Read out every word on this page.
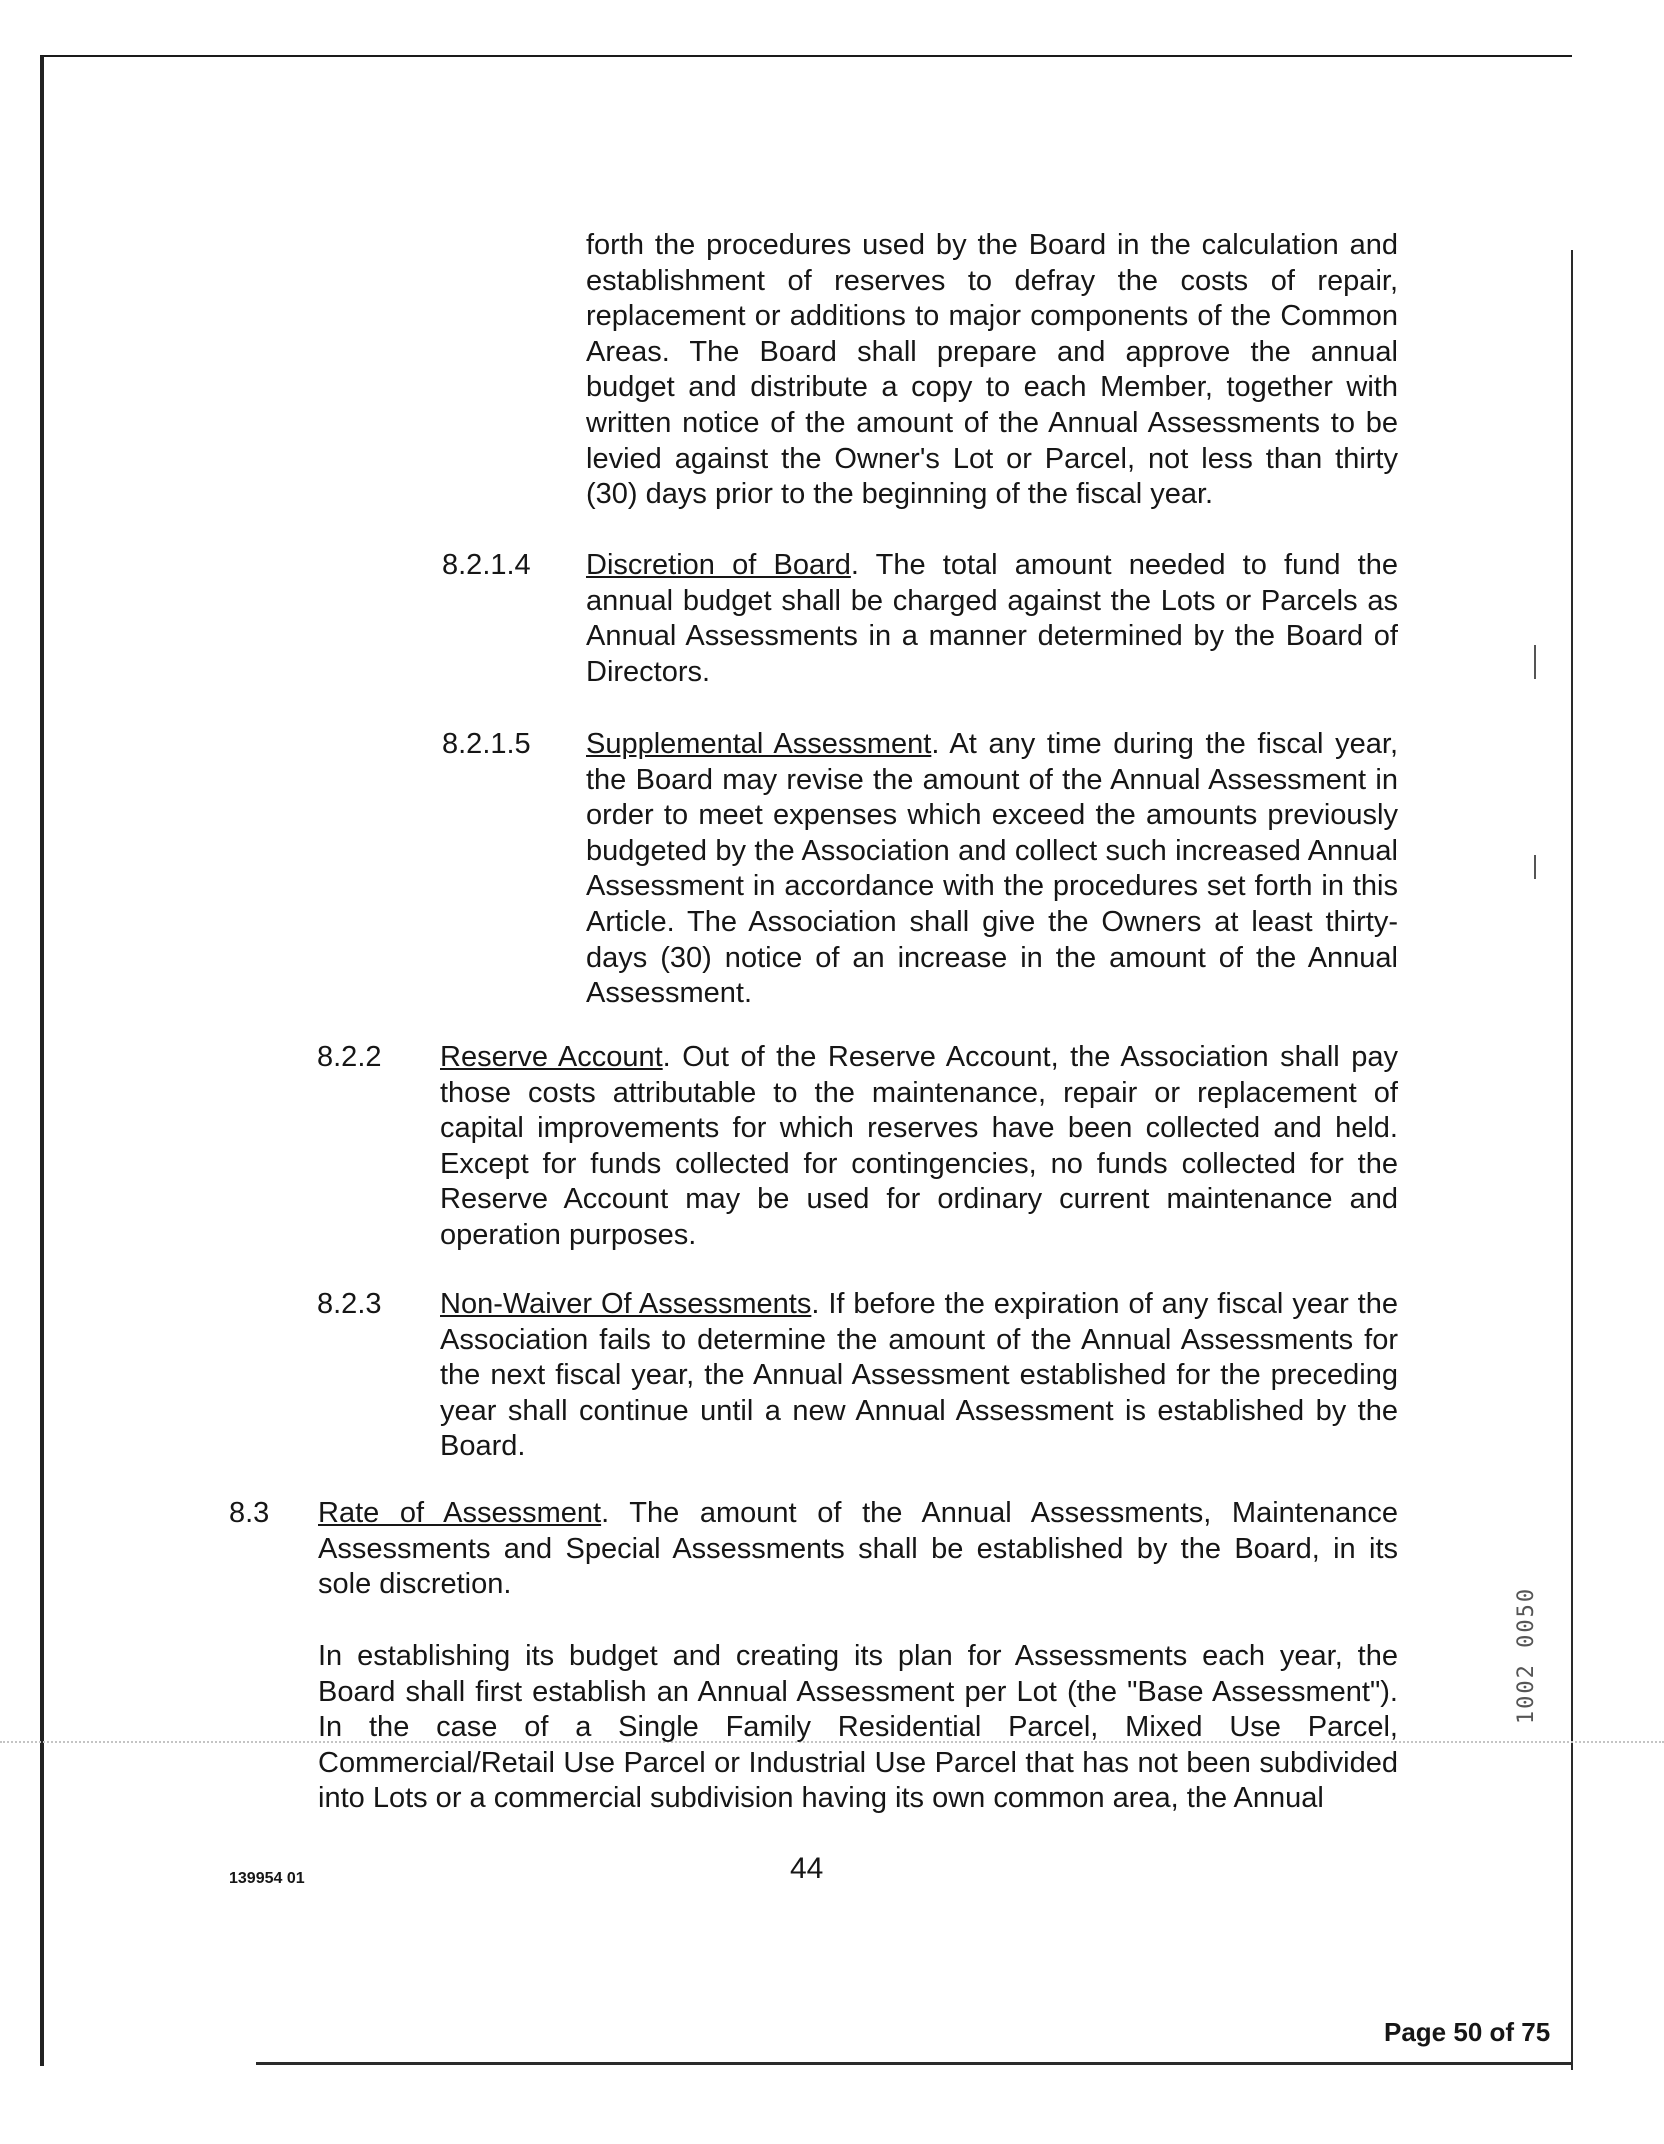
forth the procedures used by the Board in the calculation and establishment of reserves to defray the costs of repair, replacement or additions to major components of the Common Areas. The Board shall prepare and approve the annual budget and distribute a copy to each Member, together with written notice of the amount of the Annual Assessments to be levied against the Owner's Lot or Parcel, not less than thirty (30) days prior to the beginning of the fiscal year.
8.2.1.4 Discretion of Board. The total amount needed to fund the annual budget shall be charged against the Lots or Parcels as Annual Assessments in a manner determined by the Board of Directors.
8.2.1.5 Supplemental Assessment. At any time during the fiscal year, the Board may revise the amount of the Annual Assessment in order to meet expenses which exceed the amounts previously budgeted by the Association and collect such increased Annual Assessment in accordance with the procedures set forth in this Article. The Association shall give the Owners at least thirty-days (30) notice of an increase in the amount of the Annual Assessment.
8.2.2 Reserve Account. Out of the Reserve Account, the Association shall pay those costs attributable to the maintenance, repair or replacement of capital improvements for which reserves have been collected and held. Except for funds collected for contingencies, no funds collected for the Reserve Account may be used for ordinary current maintenance and operation purposes.
8.2.3 Non-Waiver Of Assessments. If before the expiration of any fiscal year the Association fails to determine the amount of the Annual Assessments for the next fiscal year, the Annual Assessment established for the preceding year shall continue until a new Annual Assessment is established by the Board.
8.3 Rate of Assessment. The amount of the Annual Assessments, Maintenance Assessments and Special Assessments shall be established by the Board, in its sole discretion.
In establishing its budget and creating its plan for Assessments each year, the Board shall first establish an Annual Assessment per Lot (the "Base Assessment"). In the case of a Single Family Residential Parcel, Mixed Use Parcel, Commercial/Retail Use Parcel or Industrial Use Parcel that has not been subdivided into Lots or a commercial subdivision having its own common area, the Annual
139954 01	44
Page 50 of 75
1002 0050
